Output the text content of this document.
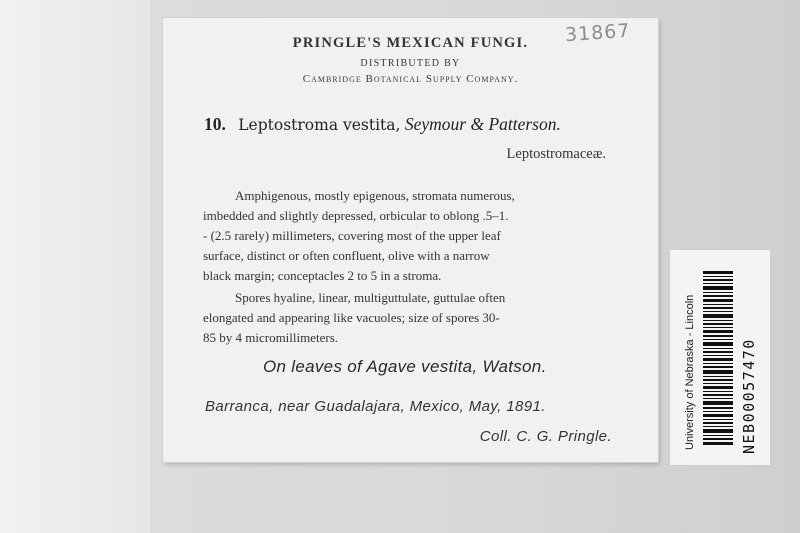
PRINGLE'S MEXICAN FUNGI.
DISTRIBUTED BY
Cambridge Botanical Supply Company.
10. Leptostroma vestita, Seymour & Patterson.
Leptostromaceæ.
Amphigenous, mostly epigenous, stromata numerous,
imbedded and slightly depressed, orbicular to oblong .5–1.
- (2.5 rarely) millimeters, covering most of the upper leaf
surface, distinct or often confluent, olive with a narrow
black margin; conceptacles 2 to 5 in a stroma.
Spores hyaline, linear, multiguttulate, guttulae often
elongated and appearing like vacuoles; size of spores 30-
85 by 4 micromillimeters.
On leaves of Agave vestita, Watson.
Barranca, near Guadalajara, Mexico, May, 1891.
Coll. C. G. Pringle.
31867
University of Nebraska - Lincoln	NEB00057470
